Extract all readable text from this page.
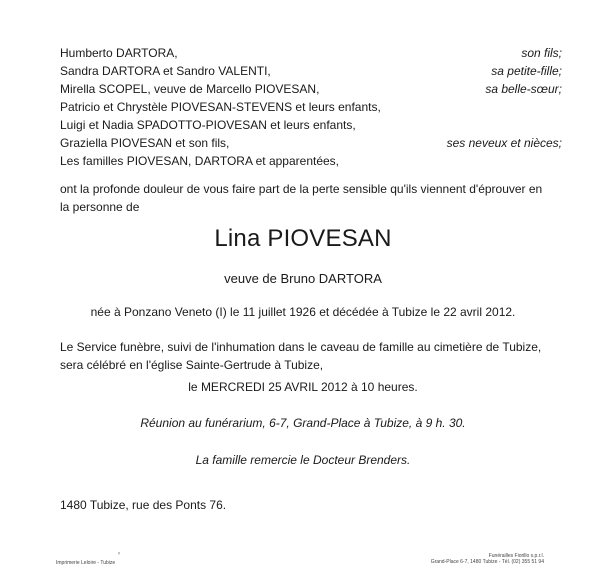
Humberto DARTORA,	son fils;
Sandra DARTORA et Sandro VALENTI,	sa petite-fille;
Mirella SCOPEL, veuve de Marcello PIOVESAN,	sa belle-sœur;
Patricio et Chrystèle PIOVESAN-STEVENS et leurs enfants,
Luigi et Nadia SPADOTTO-PIOVESAN et leurs enfants,
Graziella PIOVESAN et son fils,	ses neveux et nièces;
Les familles PIOVESAN, DARTORA et apparentées,
ont la profonde douleur de vous faire part de la perte sensible qu'ils viennent d'éprouver en
la personne de
Lina PIOVESAN
veuve de Bruno DARTORA
née à Ponzano Veneto (I) le 11 juillet 1926 et décédée à Tubize le 22 avril 2012.
Le Service funèbre, suivi de l'inhumation dans le caveau de famille au cimetière de Tubize,
sera célébré en l'église Sainte-Gertrude à Tubize,
le MERCREDI 25 AVRIL 2012 à 10 heures.
Réunion au funérarium, 6-7, Grand-Place à Tubize, à 9 h. 30.
La famille remercie le Docteur Brenders.
1480 Tubize, rue des Ponts 76.
Imprimerie Leloire - Tubize
ᵛ	Funérailles Fiorillo s.p.r.l.
Grand-Place 6-7, 1480 Tubize - Tél. (02) 355 51 94
